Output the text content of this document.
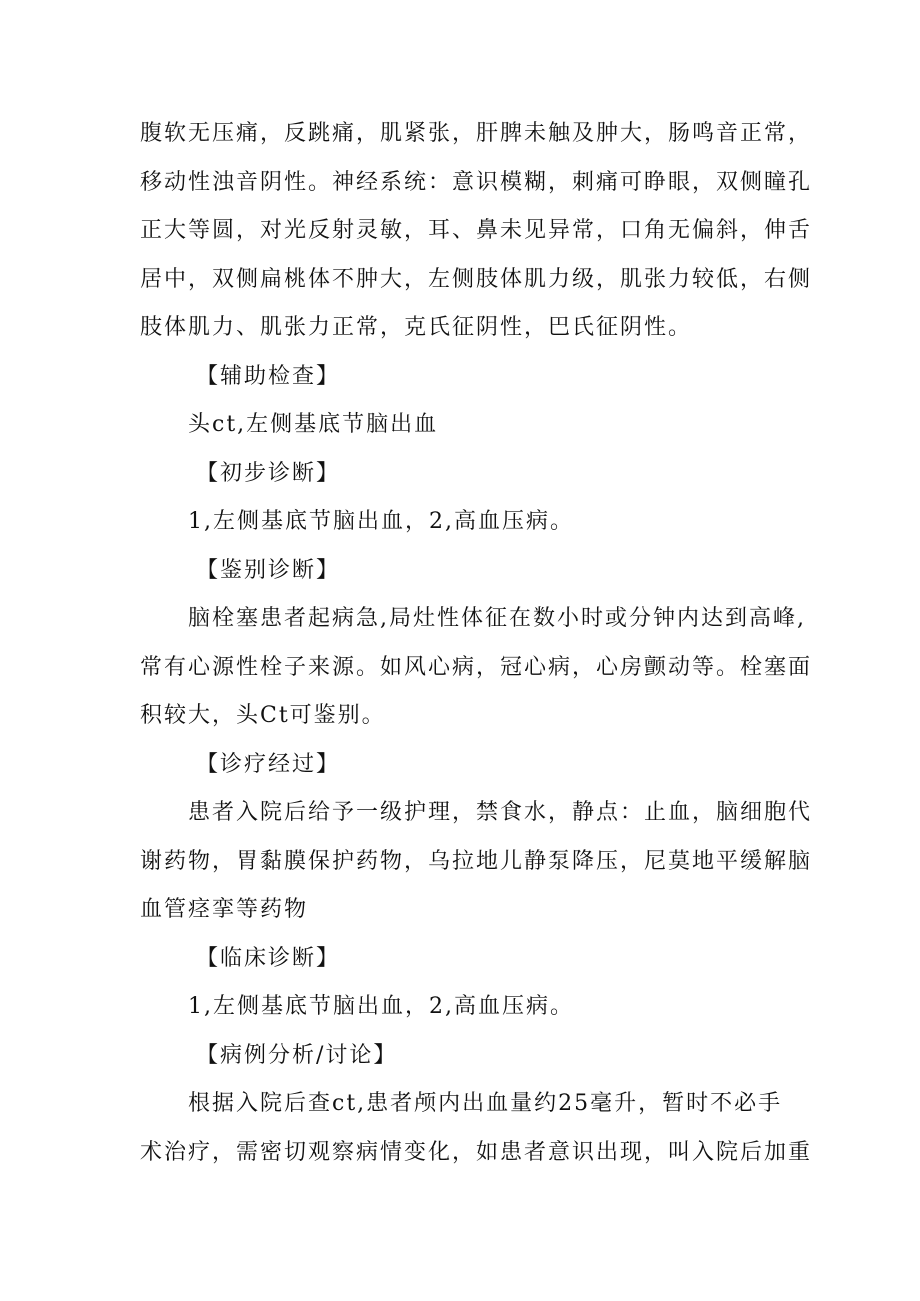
腹软无压痛，反跳痛，肌紧张，肝脾未触及肿大，肠鸣音正常，
移动性浊音阴性。神经系统：意识模糊，刺痛可睁眼，双侧瞳孔
正大等圆，对光反射灵敏，耳、鼻未见异常，口角无偏斜，伸舌
居中，双侧扁桃体不肿大，左侧肢体肌力级，肌张力较低，右侧
肢体肌力、肌张力正常，克氏征阴性，巴氏征阴性。
【辅助检查】
头ct,左侧基底节脑出血
【初步诊断】
1,左侧基底节脑出血，2,高血压病。
【鉴别诊断】
脑栓塞患者起病急,局灶性体征在数小时或分钟内达到高峰,
常有心源性栓子来源。如风心病，冠心病，心房颤动等。栓塞面
积较大，头Ct可鉴别。
【诊疗经过】
患者入院后给予一级护理，禁食水，静点：止血，脑细胞代
谢药物，胃黏膜保护药物，乌拉地儿静泵降压，尼莫地平缓解脑
血管痉挛等药物
【临床诊断】
1,左侧基底节脑出血，2,高血压病。
【病例分析/讨论】
根据入院后查ct,患者颅内出血量约25毫升，暂时不必手
术治疗，需密切观察病情变化，如患者意识出现，叫入院后加重
